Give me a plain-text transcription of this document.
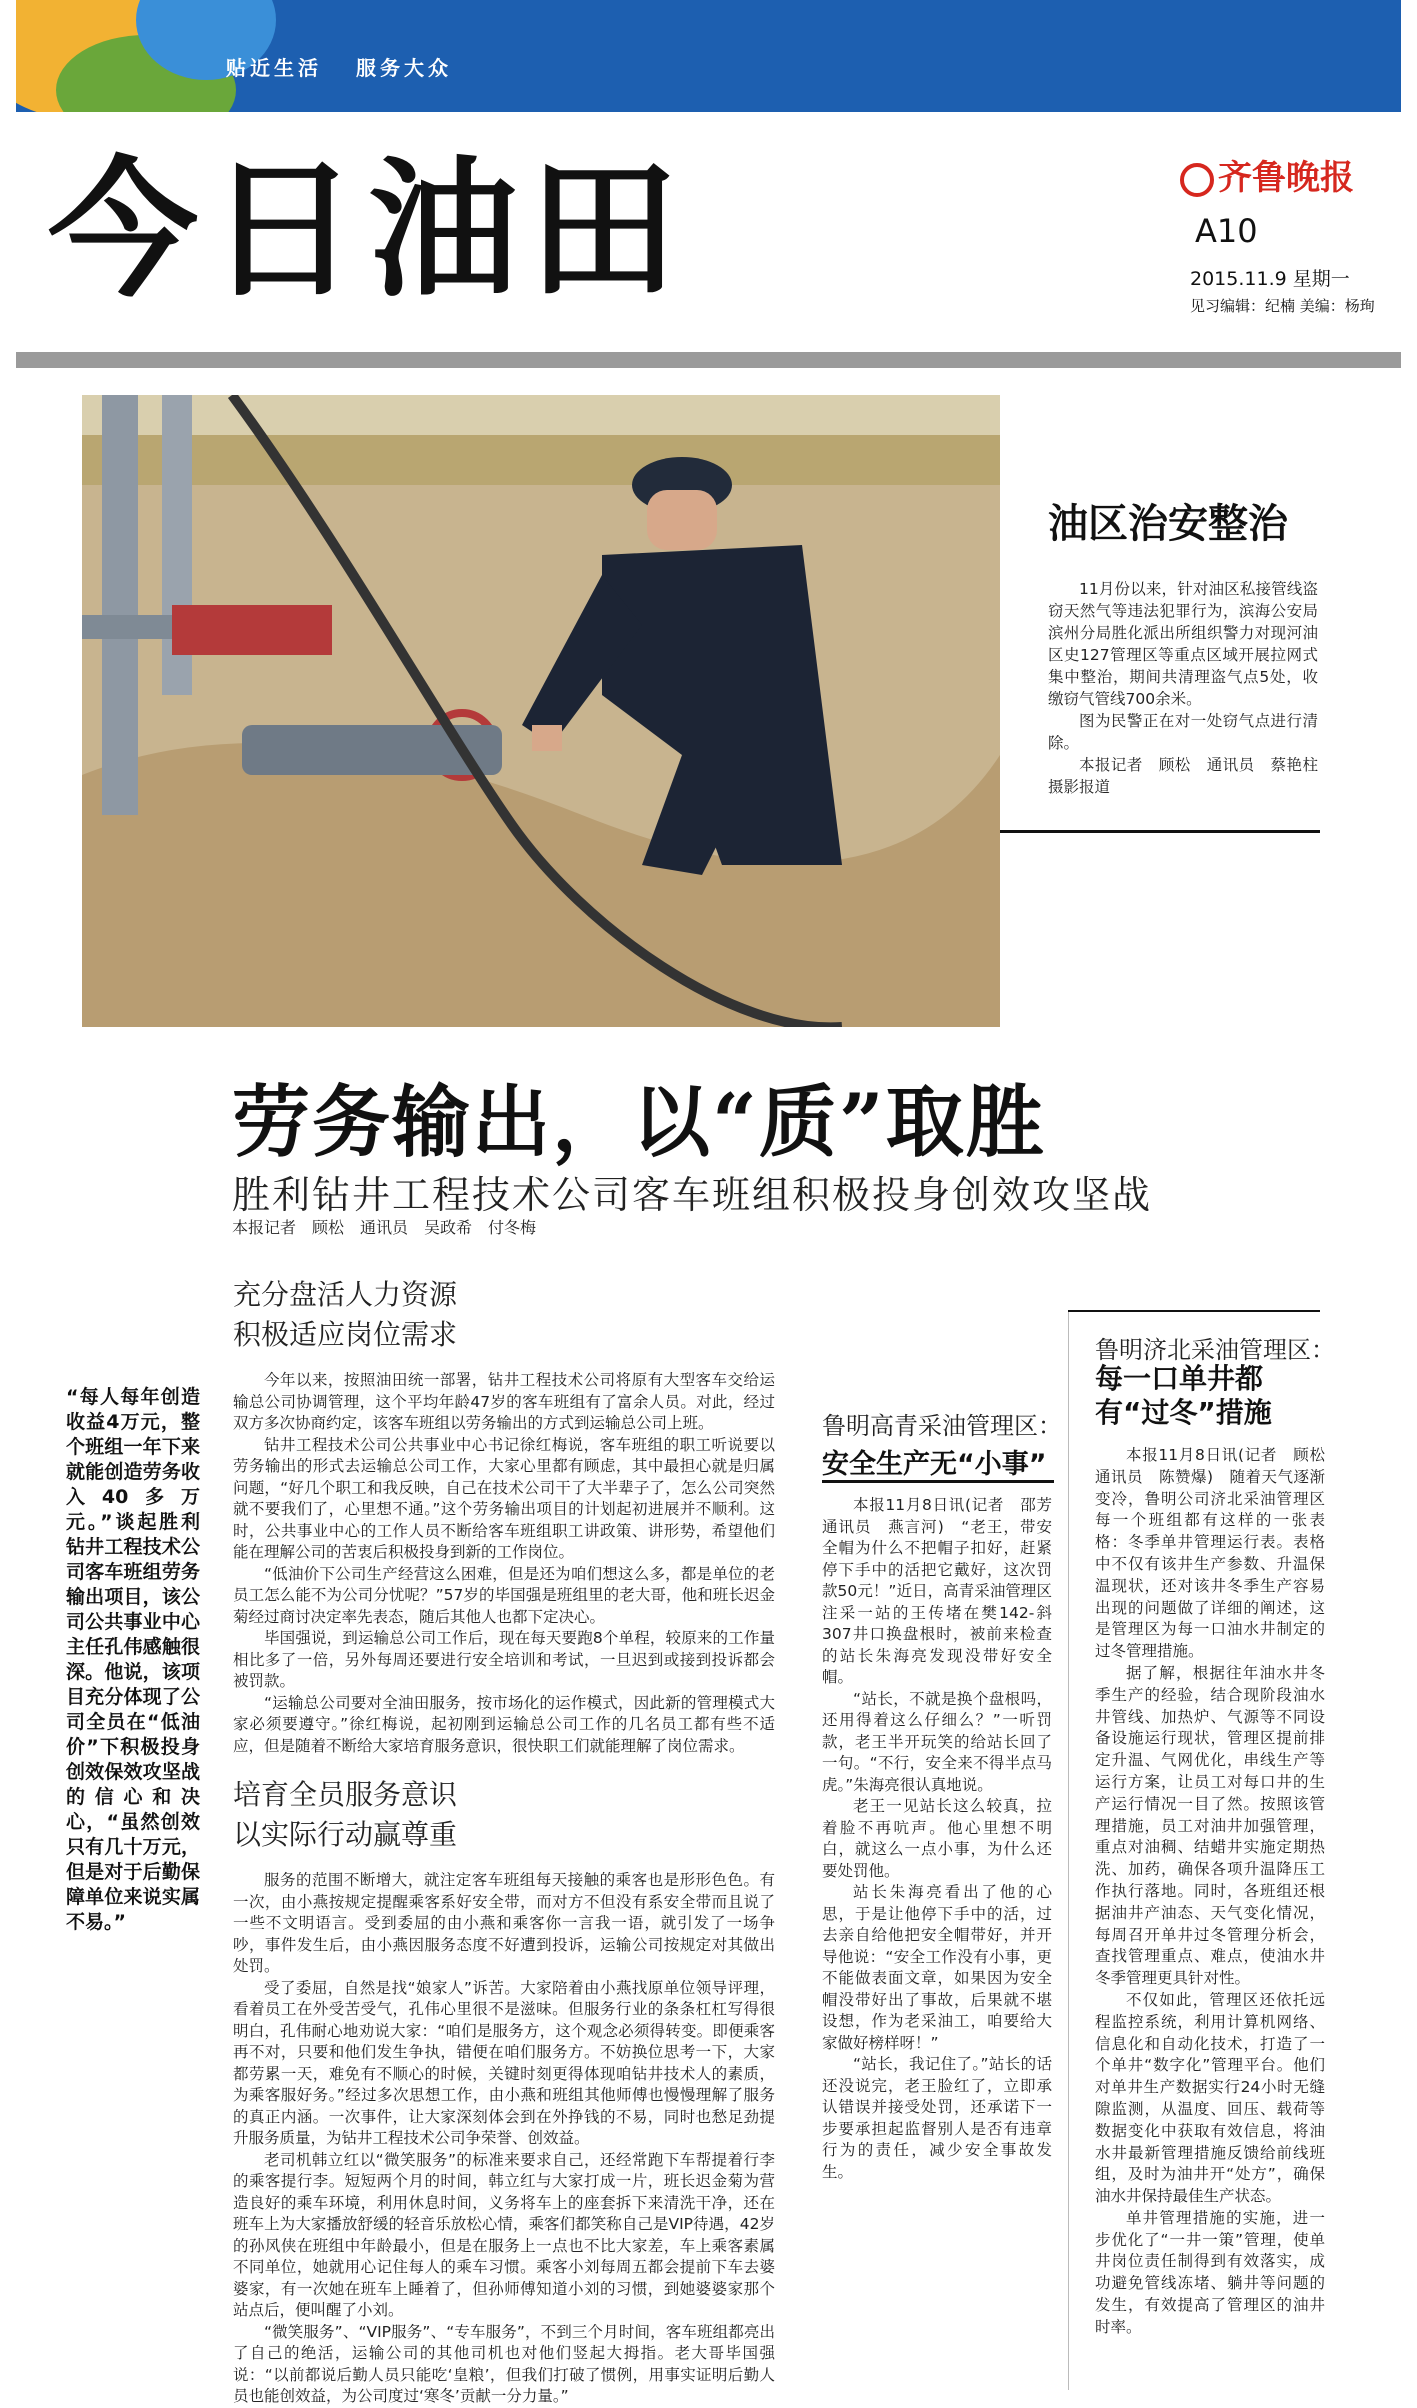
贴近生活 服务大众
今日油田	齐鲁晚报
A10
2015.11.9 星期一
见习编辑：纪楠 美编：杨珣
油区治安整治

11月份以来，针对油区私接管线盗窃天然气等违法犯罪行为，滨海公安局滨州分局胜化派出所组织警力对现河油区史127管理区等重点区域开展拉网式集中整治，期间共清理盗气点5处，收缴窃气管线700余米。

图为民警正在对一处窃气点进行清除。

本报记者　顾松　通讯员　蔡艳柱　摄影报道

劳务输出，以“质”取胜
胜利钻井工程技术公司客车班组积极投身创效攻坚战
本报记者　顾松　通讯员　吴政希　付冬梅
“每人每年创造收益4万元，整个班组一年下来就能创造劳务收入40多万元。”谈起胜利钻井工程技术公司客车班组劳务输出项目，该公司公共事业中心主任孔伟感触很深。他说，该项目充分体现了公司全员在“低油价”下积极投身创效保效攻坚战的信心和决心，“虽然创效只有几十万元，但是对于后勤保障单位来说实属不易。”
充分盘活人力资源
积极适应岗位需求

今年以来，按照油田统一部署，钻井工程技术公司将原有大型客车交给运输总公司协调管理，这个平均年龄47岁的客车班组有了富余人员。对此，经过双方多次协商约定，该客车班组以劳务输出的方式到运输总公司上班。

钻井工程技术公司公共事业中心书记徐红梅说，客车班组的职工听说要以劳务输出的形式去运输总公司工作，大家心里都有顾虑，其中最担心就是归属问题，“好几个职工和我反映，自己在技术公司干了大半辈子了，怎么公司突然就不要我们了，心里想不通。”这个劳务输出项目的计划起初进展并不顺利。这时，公共事业中心的工作人员不断给客车班组职工讲政策、讲形势，希望他们能在理解公司的苦衷后积极投身到新的工作岗位。

“低油价下公司生产经营这么困难，但是还为咱们想这么多，都是单位的老员工怎么能不为公司分忧呢？”57岁的毕国强是班组里的老大哥，他和班长迟金菊经过商讨决定率先表态，随后其他人也都下定决心。

毕国强说，到运输总公司工作后，现在每天要跑8个单程，较原来的工作量相比多了一倍，另外每周还要进行安全培训和考试，一旦迟到或接到投诉都会被罚款。

“运输总公司要对全油田服务，按市场化的运作模式，因此新的管理模式大家必须要遵守。”徐红梅说，起初刚到运输总公司工作的几名员工都有些不适应，但是随着不断给大家培育服务意识，很快职工们就能理解了岗位需求。

培育全员服务意识
以实际行动赢尊重

服务的范围不断增大，就注定客车班组每天接触的乘客也是形形色色。有一次，由小燕按规定提醒乘客系好安全带，而对方不但没有系安全带而且说了一些不文明语言。受到委屈的由小燕和乘客你一言我一语，就引发了一场争吵，事件发生后，由小燕因服务态度不好遭到投诉，运输公司按规定对其做出处罚。

受了委屈，自然是找“娘家人”诉苦。大家陪着由小燕找原单位领导评理，看着员工在外受苦受气，孔伟心里很不是滋味。但服务行业的条条杠杠写得很明白，孔伟耐心地劝说大家：“咱们是服务方，这个观念必须得转变。即便乘客再不对，只要和他们发生争执，错便在咱们服务方。不妨换位思考一下，大家都劳累一天，难免有不顺心的时候，关键时刻更得体现咱钻井技术人的素质，为乘客服好务。”经过多次思想工作，由小燕和班组其他师傅也慢慢理解了服务的真正内涵。一次事件，让大家深刻体会到在外挣钱的不易，同时也愁足劲提升服务质量，为钻井工程技术公司争荣誉、创效益。

老司机韩立红以“微笑服务”的标准来要求自己，还经常跑下车帮提着行李的乘客提行李。短短两个月的时间，韩立红与大家打成一片，班长迟金菊为营造良好的乘车环境，利用休息时间，义务将车上的座套拆下来清洗干净，还在班车上为大家播放舒缓的轻音乐放松心情，乘客们都笑称自己是VIP待遇，42岁的孙风侠在班组中年龄最小，但是在服务上一点也不比大家差，车上乘客素属不同单位，她就用心记住每人的乘车习惯。乘客小刘每周五都会提前下车去婆婆家，有一次她在班车上睡着了，但孙师傅知道小刘的习惯，到她婆婆家那个站点后，便叫醒了小刘。

“微笑服务”、“VIP服务”、“专车服务”，不到三个月时间，客车班组都亮出了自己的绝活，运输公司的其他司机也对他们竖起大拇指。老大哥毕国强说：“以前都说后勤人员只能吃‘皇粮’，但我们打破了惯例，用事实证明后勤人员也能创效益，为公司度过‘寒冬’贡献一分力量。”

鲁明高青采油管理区：
安全生产无“小事”

本报11月8日讯(记者　邵芳　通讯员　燕言河)　“老王，带安全帽为什么不把帽子扣好，赶紧停下手中的活把它戴好，这次罚款50元！”近日，高青采油管理区注采一站的王传堵在樊142-斜307井口换盘根时，被前来检查的站长朱海亮发现没带好安全帽。

“站长，不就是换个盘根吗，还用得着这么仔细么？”一听罚款，老王半开玩笑的给站长回了一句。“不行，安全来不得半点马虎。”朱海亮很认真地说。

老王一见站长这么较真，拉着脸不再吭声。他心里想不明白，就这么一点小事，为什么还要处罚他。

站长朱海亮看出了他的心思，于是让他停下手中的活，过去亲自给他把安全帽带好，并开导他说：“安全工作没有小事，更不能做表面文章，如果因为安全帽没带好出了事故，后果就不堪设想，作为老采油工，咱要给大家做好榜样呀！”

“站长，我记住了。”站长的话还没说完，老王脸红了，立即承认错误并接受处罚，还承诺下一步要承担起监督别人是否有违章行为的责任，减少安全事故发生。

鲁明济北采油管理区：
每一口单井都有“过冬”措施

本报11月8日讯(记者　顾松　通讯员　陈赞爆)　随着天气逐渐变冷，鲁明公司济北采油管理区每一个班组都有这样的一张表格：冬季单井管理运行表。表格中不仅有该井生产参数、升温保温现状，还对该井冬季生产容易出现的问题做了详细的阐述，这是管理区为每一口油水井制定的过冬管理措施。

据了解，根据往年油水井冬季生产的经验，结合现阶段油水井管线、加热炉、气源等不同设备设施运行现状，管理区提前排定升温、气网优化，串线生产等运行方案，让员工对每口井的生产运行情况一目了然。按照该管理措施，员工对油井加强管理，重点对油稠、结蜡井实施定期热洗、加药，确保各项升温降压工作执行落地。同时，各班组还根据油井产油态、天气变化情况，每周召开单井过冬管理分析会，查找管理重点、难点，使油水井冬季管理更具针对性。

不仅如此，管理区还依托远程监控系统，利用计算机网络、信息化和自动化技术，打造了一个单井“数字化”管理平台。他们对单井生产数据实行24小时无缝隙监测，从温度、回压、载荷等数据变化中获取有效信息，将油水井最新管理措施反馈给前线班组，及时为油井开“处方”，确保油水井保持最佳生产状态。

单井管理措施的实施，进一步优化了“一井一策”管理，使单井岗位责任制得到有效落实，成功避免管线冻堵、躺井等问题的发生，有效提高了管理区的油井时率。
